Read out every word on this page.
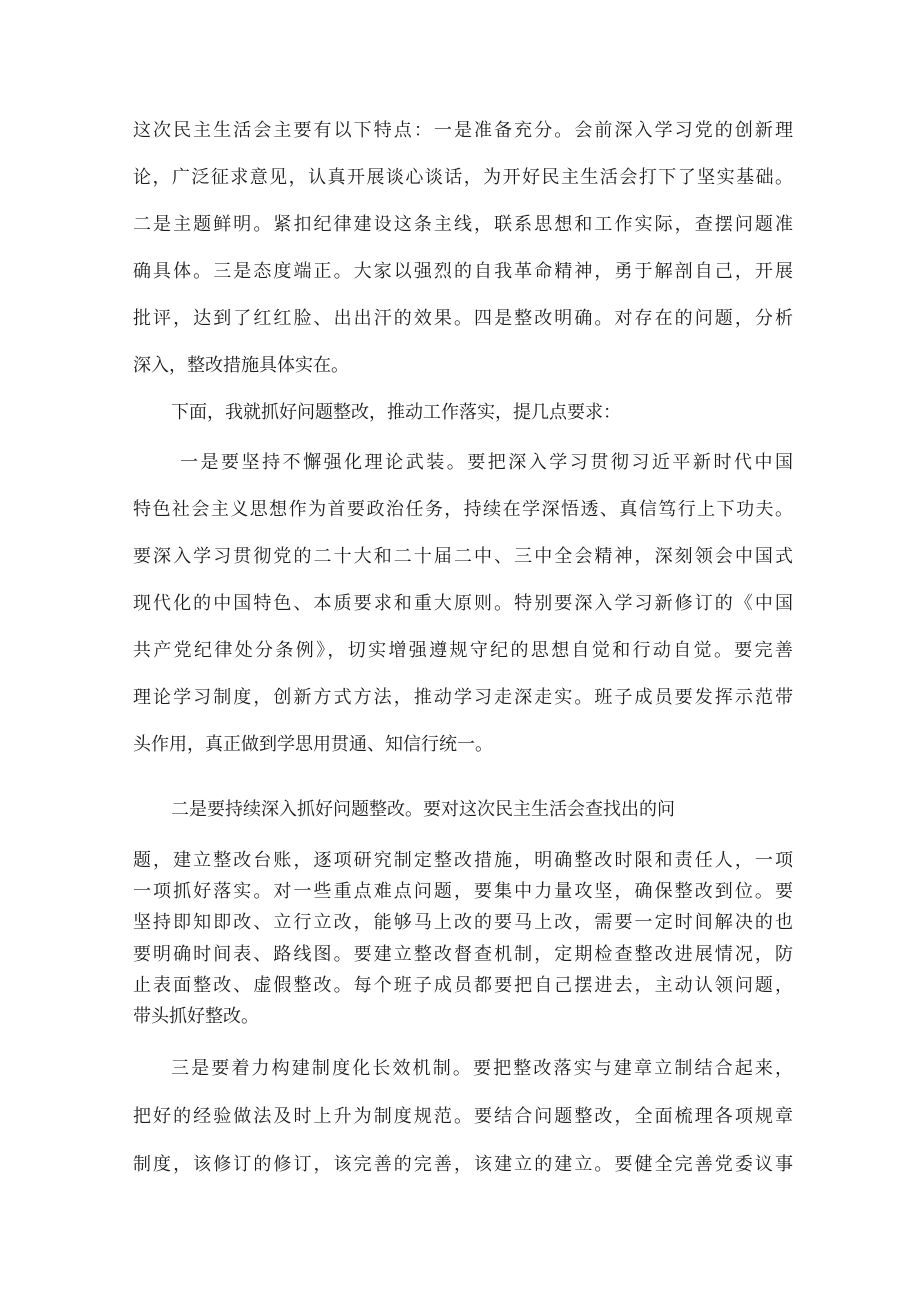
这次民主生活会主要有以下特点：一是准备充分。会前深入学习党的创新理
论，广泛征求意见，认真开展谈心谈话，为开好民主生活会打下了坚实基础。
二是主题鲜明。紧扣纪律建设这条主线，联系思想和工作实际，查摆问题准
确具体。三是态度端正。大家以强烈的自我革命精神，勇于解剖自己，开展
批评，达到了红红脸、出出汗的效果。四是整改明确。对存在的问题，分析
深入，整改措施具体实在。
下面，我就抓好问题整改，推动工作落实，提几点要求：
一是要坚持不懈强化理论武装。要把深入学习贯彻习近平新时代中国
特色社会主义思想作为首要政治任务，持续在学深悟透、真信笃行上下功夫。
要深入学习贯彻党的二十大和二十届二中、三中全会精神，深刻领会中国式
现代化的中国特色、本质要求和重大原则。特别要深入学习新修订的《中国
共产党纪律处分条例》，切实增强遵规守纪的思想自觉和行动自觉。要完善
理论学习制度，创新方式方法，推动学习走深走实。班子成员要发挥示范带
头作用，真正做到学思用贯通、知信行统一。
二是要持续深入抓好问题整改。要对这次民主生活会查找出的问
题，建立整改台账，逐项研究制定整改措施，明确整改时限和责任人，一项
一项抓好落实。对一些重点难点问题，要集中力量攻坚，确保整改到位。要
坚持即知即改、立行立改，能够马上改的要马上改，需要一定时间解决的也
要明确时间表、路线图。要建立整改督查机制，定期检查整改进展情况，防
止表面整改、虚假整改。每个班子成员都要把自己摆进去，主动认领问题，
带头抓好整改。
三是要着力构建制度化长效机制。要把整改落实与建章立制结合起来，
把好的经验做法及时上升为制度规范。要结合问题整改，全面梳理各项规章
制度，该修订的修订，该完善的完善，该建立的建立。要健全完善党委议事
